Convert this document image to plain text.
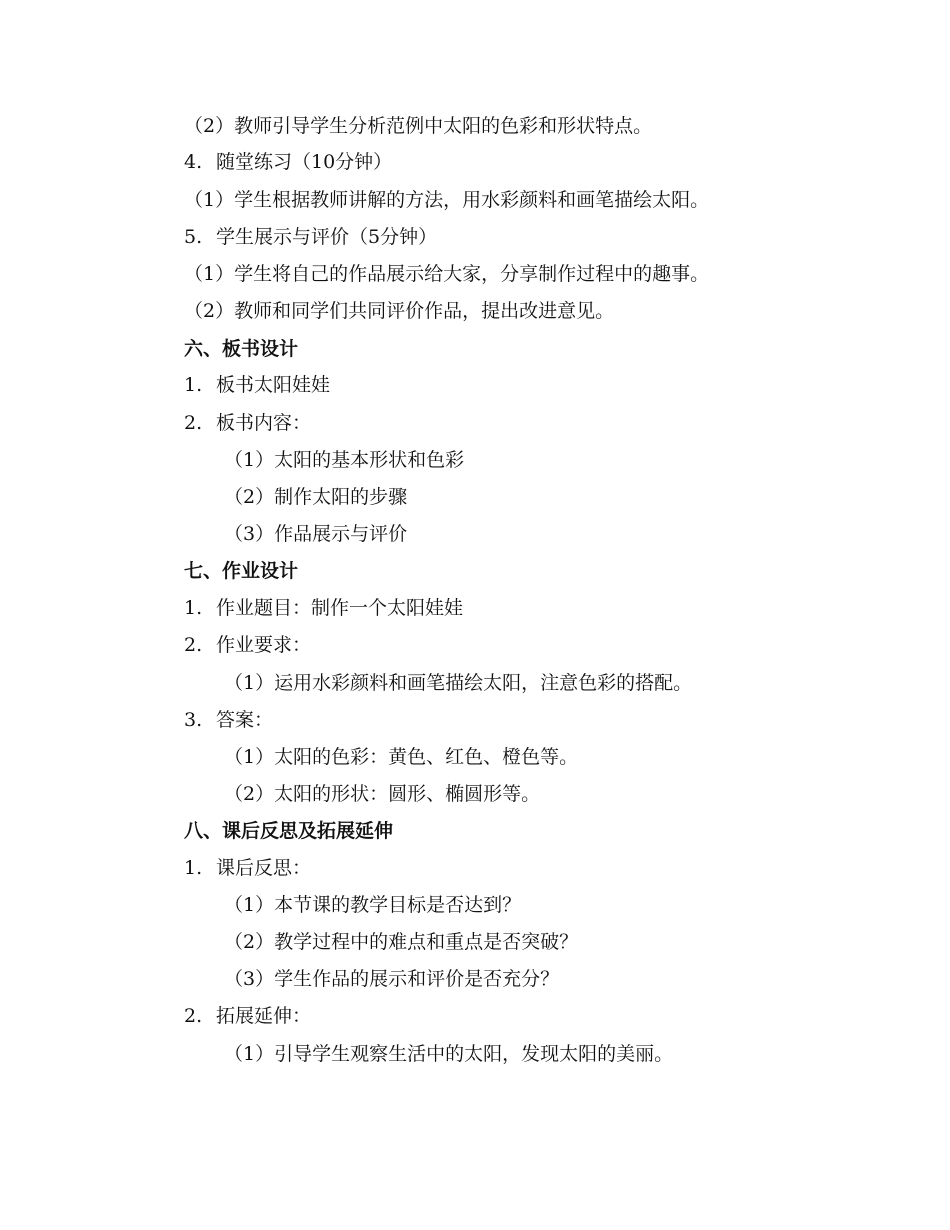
（2）教师引导学生分析范例中太阳的色彩和形状特点。
4. 随堂练习（10分钟）
（1）学生根据教师讲解的方法，用水彩颜料和画笔描绘太阳。
5. 学生展示与评价（5分钟）
（1）学生将自己的作品展示给大家，分享制作过程中的趣事。
（2）教师和同学们共同评价作品，提出改进意见。
六、板书设计
1. 板书太阳娃娃
2. 板书内容：
（1）太阳的基本形状和色彩
（2）制作太阳的步骤
（3）作品展示与评价
七、作业设计
1. 作业题目：制作一个太阳娃娃
2. 作业要求：
（1）运用水彩颜料和画笔描绘太阳，注意色彩的搭配。
3. 答案：
（1）太阳的色彩：黄色、红色、橙色等。
（2）太阳的形状：圆形、椭圆形等。
八、课后反思及拓展延伸
1. 课后反思：
（1）本节课的教学目标是否达到？
（2）教学过程中的难点和重点是否突破？
（3）学生作品的展示和评价是否充分？
2. 拓展延伸：
（1）引导学生观察生活中的太阳，发现太阳的美丽。
